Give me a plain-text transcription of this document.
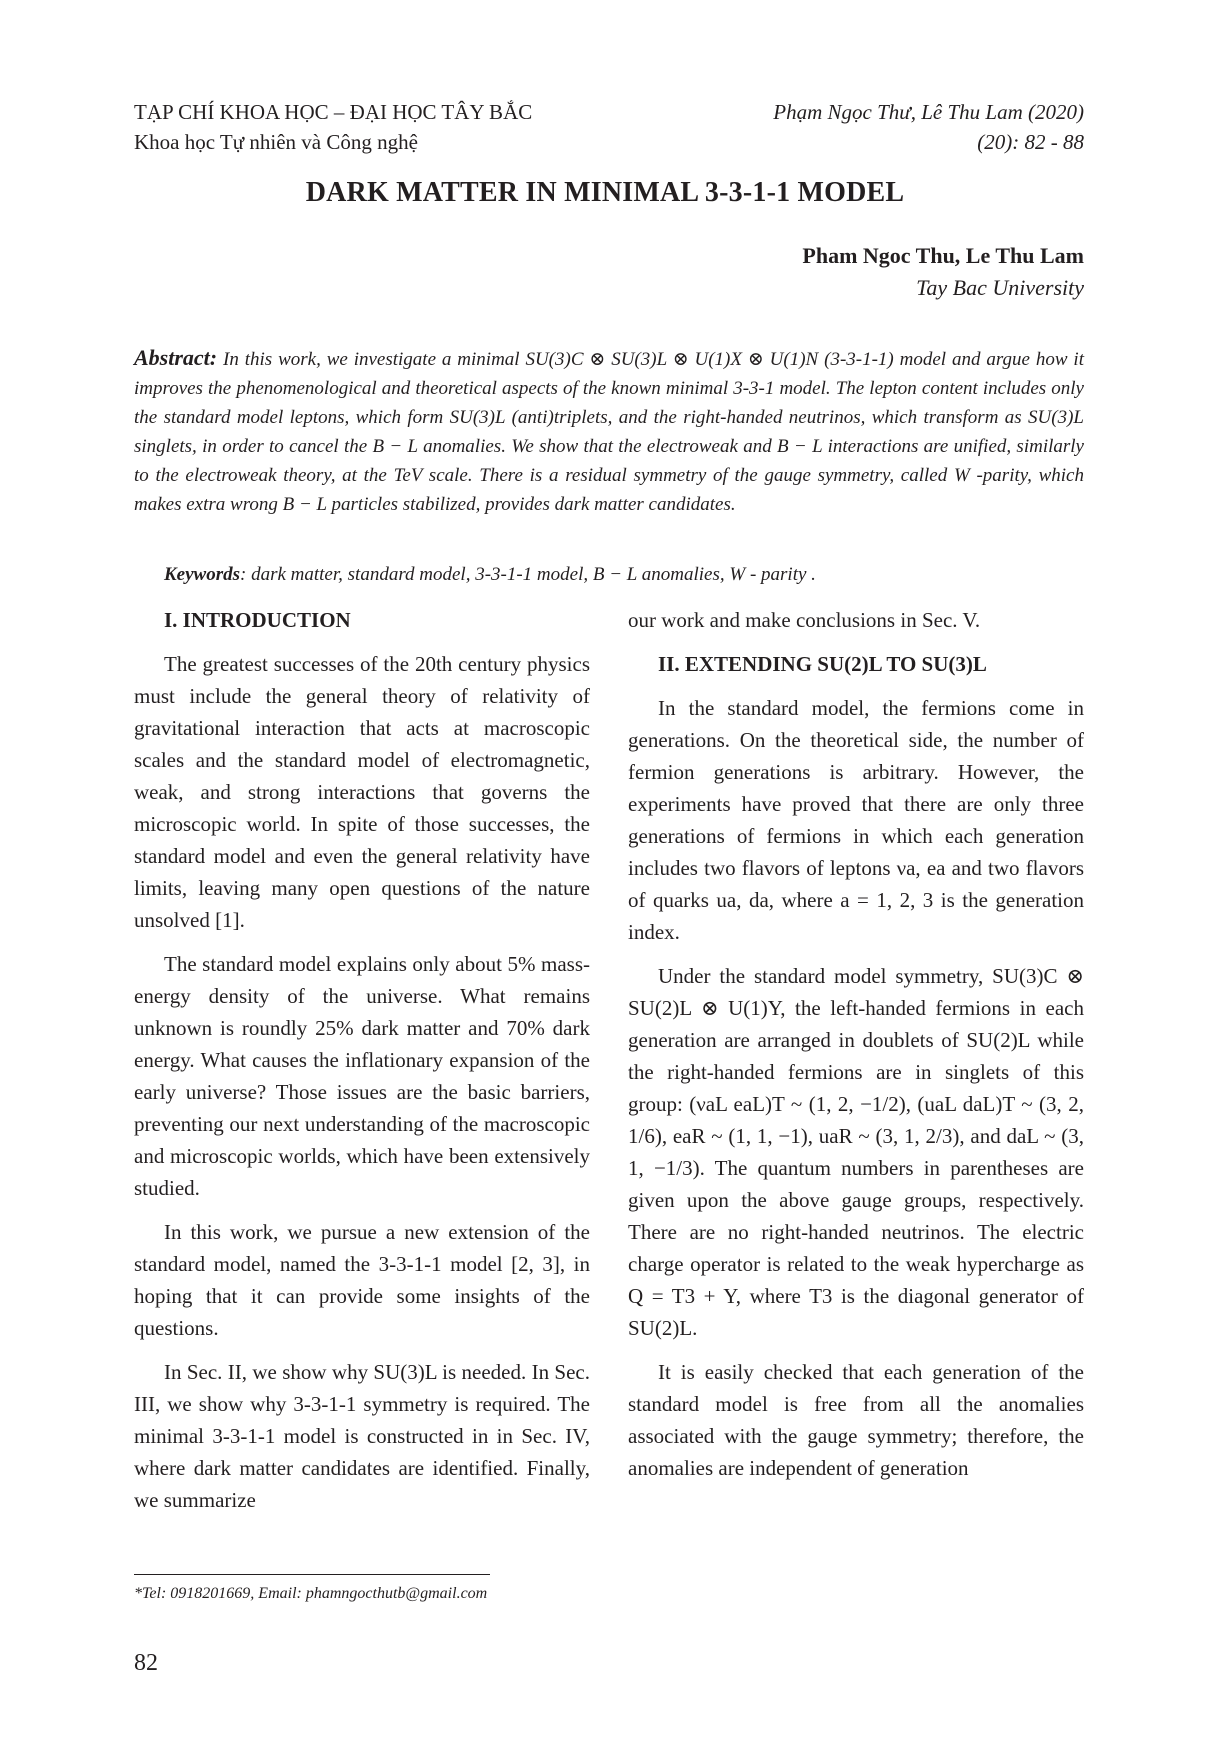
TẠP CHÍ KHOA HỌC – ĐẠI HỌC TÂY BẮC
Khoa học Tự nhiên và Công nghệ
Phạm Ngọc Thư, Lê Thu Lam (2020)
(20): 82 - 88
DARK MATTER IN MINIMAL 3-3-1-1 MODEL
Pham Ngoc Thu, Le Thu Lam
Tay Bac University
Abstract: In this work, we investigate a minimal SU(3)C ⊗ SU(3)L ⊗ U(1)X ⊗ U(1)N (3-3-1-1) model and argue how it improves the phenomenological and theoretical aspects of the known minimal 3-3-1 model. The lepton content includes only the standard model leptons, which form SU(3)L (anti)triplets, and the right-handed neutrinos, which transform as SU(3)L singlets, in order to cancel the B − L anomalies. We show that the electroweak and B − L interactions are unified, similarly to the electroweak theory, at the TeV scale. There is a residual symmetry of the gauge symmetry, called W -parity, which makes extra wrong B − L particles stabilized, provides dark matter candidates.
Keywords: dark matter, standard model, 3-3-1-1 model, B − L anomalies, W - parity .
I. INTRODUCTION

The greatest successes of the 20th century physics must include the general theory of relativity of gravitational interaction that acts at macroscopic scales and the standard model of electromagnetic, weak, and strong interactions that governs the microscopic world. In spite of those successes, the standard model and even the general relativity have limits, leaving many open questions of the nature unsolved [1].

The standard model explains only about 5% mass-energy density of the universe. What remains unknown is roundly 25% dark matter and 70% dark energy. What causes the inflationary expansion of the early universe? Those issues are the basic barriers, preventing our next understanding of the macroscopic and microscopic worlds, which have been extensively studied.

In this work, we pursue a new extension of the standard model, named the 3-3-1-1 model [2, 3], in hoping that it can provide some insights of the questions.

In Sec. II, we show why SU(3)L is needed. In Sec. III, we show why 3-3-1-1 symmetry is required. The minimal 3-3-1-1 model is constructed in in Sec. IV, where dark matter candidates are identified. Finally, we summarize

our work and make conclusions in Sec. V.

II. EXTENDING SU(2)L TO SU(3)L

In the standard model, the fermions come in generations. On the theoretical side, the number of fermion generations is arbitrary. However, the experiments have proved that there are only three generations of fermions in which each generation includes two flavors of leptons νa, ea and two flavors of quarks ua, da, where a = 1, 2, 3 is the generation index.

Under the standard model symmetry, SU(3)C ⊗ SU(2)L ⊗ U(1)Y, the left-handed fermions in each generation are arranged in doublets of SU(2)L while the right-handed fermions are in singlets of this group: (νaL eaL)T ~ (1, 2, −1/2), (uaL daL)T ~ (3, 2, 1/6), eaR ~ (1, 1, −1), uaR ~ (3, 1, 2/3), and daL ~ (3, 1, −1/3). The quantum numbers in parentheses are given upon the above gauge groups, respectively. There are no right-handed neutrinos. The electric charge operator is related to the weak hypercharge as Q = T3 + Y, where T3 is the diagonal generator of SU(2)L.

It is easily checked that each generation of the standard model is free from all the anomalies associated with the gauge symmetry; therefore, the anomalies are independent of generation

*Tel: 0918201669, Email: phamngocthutb@gmail.com
82
